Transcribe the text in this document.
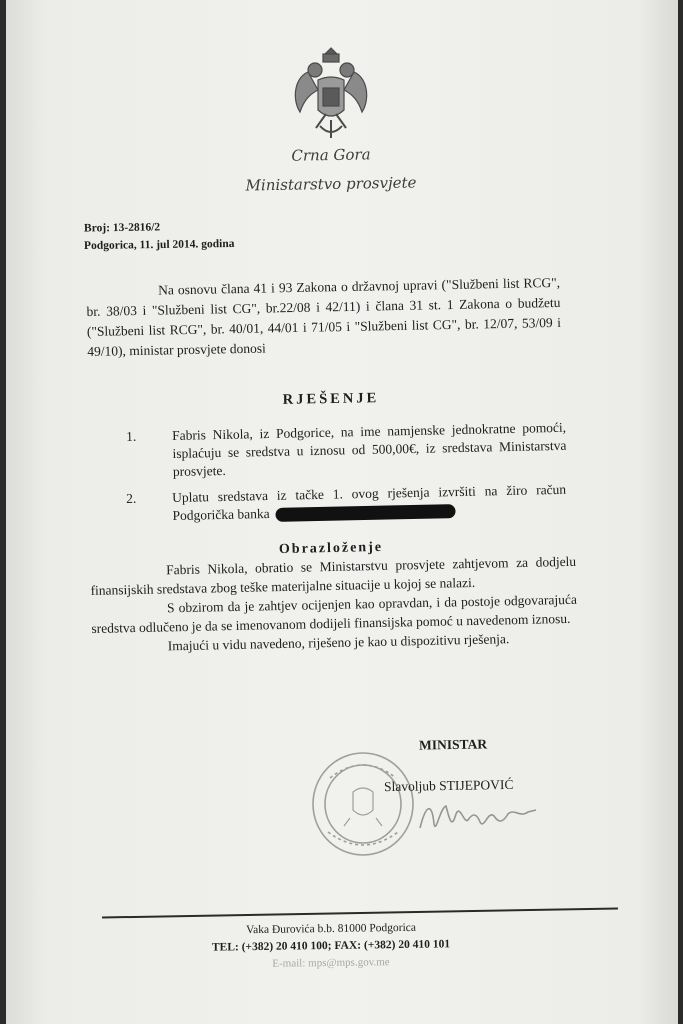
Crna Gora
Ministarstvo prosvjete
Broj: 13-2816/2
Podgorica, 11. jul 2014. godina
Na osnovu člana 41 i 93 Zakona o državnoj upravi ("Službeni list RCG", br. 38/03 i "Službeni list CG", br.22/08 i 42/11) i člana 31 st. 1 Zakona o budžetu ("Službeni list RCG", br. 40/01, 44/01 i 71/05 i "Službeni list CG", br. 12/07, 53/09 i 49/10), ministar prosvjete donosi
RJEŠENJE
1.	Fabris Nikola, iz Podgorice, na ime namjenske jednokratne pomoći, isplaćuju se sredstva u iznosu od 500,00€, iz sredstava Ministarstva prosvjete.
2.	Uplatu sredstava iz tačke 1. ovog rješenja izvršiti na žiro račun Podgorička banka
Obrazloženje

Fabris Nikola, obratio se Ministarstvu prosvjete zahtjevom za dodjelu finansijskih sredstava zbog teške materijalne situacije u kojoj se nalazi.

S obzirom da je zahtjev ocijenjen kao opravdan, i da postoje odgovarajuća sredstva odlučeno je da se imenovanom dodijeli finansijska pomoć u navedenom iznosu.

Imajući u vidu navedeno, riješeno je kao u dispozitivu rješenja.

MINISTAR
Slavoljub STIJEPOVIĆ
Vaka Đurovića b.b. 81000 Podgorica
TEL: (+382) 20 410 100; FAX: (+382) 20 410 101
E-mail: mps@mps.gov.me
